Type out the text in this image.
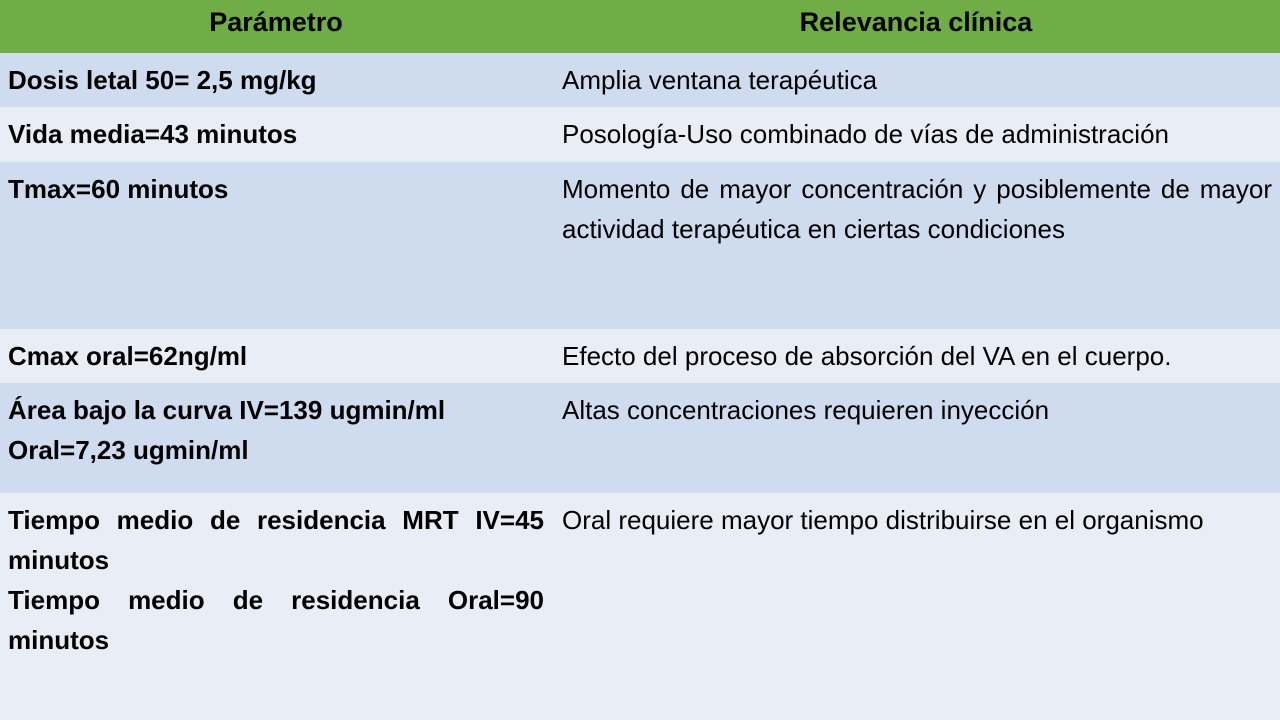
Parámetro	Relevancia clínica

Dosis letal 50= 2,5 mg/kg	Amplia ventana terapéutica

Vida media=43 minutos	Posología-Uso combinado de vías de administración

Tmax=60 minutos	Momento de mayor concentración y posiblemente de mayor actividad terapéutica en ciertas condiciones

Cmax oral=62ng/ml	Efecto del proceso de absorción del VA en el cuerpo.

Área bajo la curva IV=139 ugmin/ml
Oral=7,23 ugmin/ml	Altas concentraciones requieren inyección

Tiempo medio de residencia MRT IV=45 minutos
Tiempo medio de residencia Oral=90 minutos	Oral requiere mayor tiempo distribuirse en el organismo
